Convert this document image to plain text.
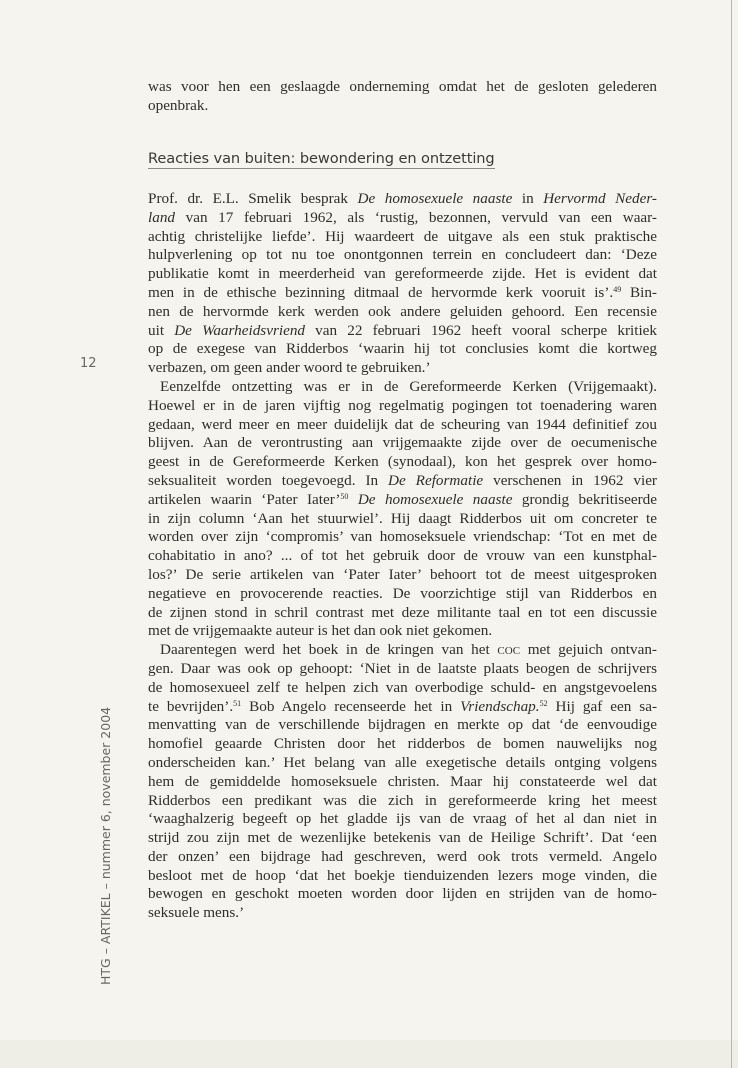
12
HTG – ARTIKEL – nummer 6, november 2004
was voor hen een geslaagde onderneming omdat het de gesloten gelederen
openbrak.
Reacties van buiten: bewondering en ontzetting
Prof. dr. E.L. Smelik besprak De homosexuele naaste in Hervormd Neder-
land van 17 februari 1962, als ‘rustig, bezonnen, vervuld van een waar-
achtig christelijke liefde’. Hij waardeert de uitgave als een stuk praktische
hulpverlening op tot nu toe onontgonnen terrein en concludeert dan: ‘Deze
publikatie komt in meerderheid van gereformeerde zijde. Het is evident dat
men in de ethische bezinning ditmaal de hervormde kerk vooruit is’.$^{49}$ Bin-
nen de hervormde kerk werden ook andere geluiden gehoord. Een recensie
uit De Waarheidsvriend van 22 februari 1962 heeft vooral scherpe kritiek
op de exegese van Ridderbos ‘waarin hij tot conclusies komt die kortweg
verbazen, om geen ander woord te gebruiken.’
Eenzelfde ontzetting was er in de Gereformeerde Kerken (Vrijgemaakt).
Hoewel er in de jaren vijftig nog regelmatig pogingen tot toenadering waren
gedaan, werd meer en meer duidelijk dat de scheuring van 1944 definitief zou
blijven. Aan de verontrusting aan vrijgemaakte zijde over de oecumenische
geest in de Gereformeerde Kerken (synodaal), kon het gesprek over homo-
seksualiteit worden toegevoegd. In De Reformatie verschenen in 1962 vier
artikelen waarin ‘Pater Iater’$^{50}$ De homosexuele naaste grondig bekritiseerde
in zijn column ‘Aan het stuurwiel’. Hij daagt Ridderbos uit om concreter te
worden over zijn ‘compromis’ van homoseksuele vriendschap: ‘Tot en met de
cohabitatio in ano? ... of tot het gebruik door de vrouw van een kunstphal-
los?’ De serie artikelen van ‘Pater Iater’ behoort tot de meest uitgesproken
negatieve en provocerende reacties. De voorzichtige stijl van Ridderbos en
de zijnen stond in schril contrast met deze militante taal en tot een discussie
met de vrijgemaakte auteur is het dan ook niet gekomen.
Daarentegen werd het boek in de kringen van het coc met gejuich ontvan-
gen. Daar was ook op gehoopt: ‘Niet in de laatste plaats beogen de schrijvers
de homosexueel zelf te helpen zich van overbodige schuld- en angstgevoelens
te bevrijden’.$^{51}$ Bob Angelo recenseerde het in Vriendschap.$^{52}$ Hij gaf een sa-
menvatting van de verschillende bijdragen en merkte op dat ‘de eenvoudige
homofiel geaarde Christen door het ridderbos de bomen nauwelijks nog
onderscheiden kan.’ Het belang van alle exegetische details ontging volgens
hem de gemiddelde homoseksuele christen. Maar hij constateerde wel dat
Ridderbos een predikant was die zich in gereformeerde kring het meest
‘waaghalzerig begeeft op het gladde ijs van de vraag of het al dan niet in
strijd zou zijn met de wezenlijke betekenis van de Heilige Schrift’. Dat ‘een
der onzen’ een bijdrage had geschreven, werd ook trots vermeld. Angelo
besloot met de hoop ‘dat het boekje tienduizenden lezers moge vinden, die
bewogen en geschokt moeten worden door lijden en strijden van de homo-
seksuele mens.’
